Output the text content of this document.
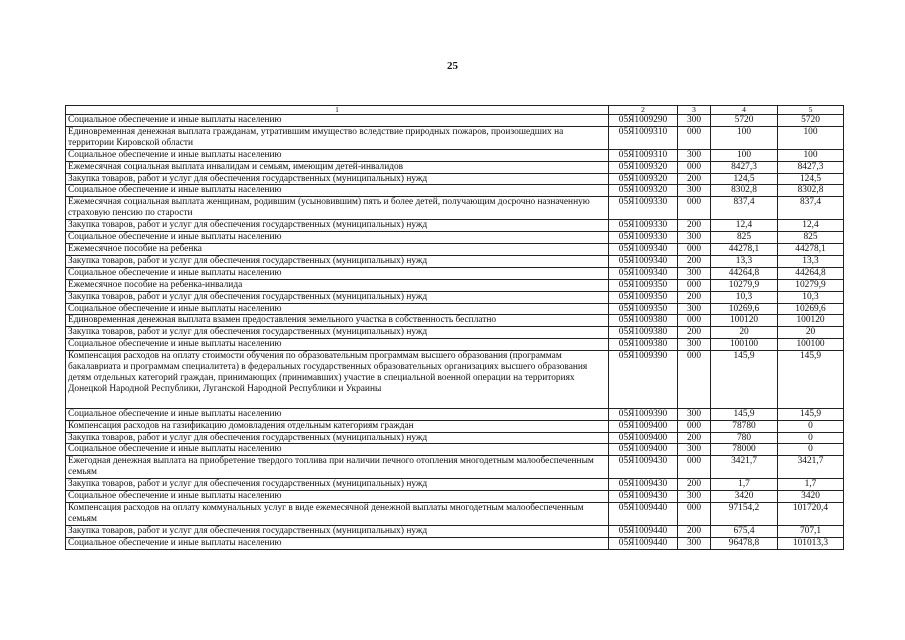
25
1	2	3	4	5
Социальное обеспечение и иные выплаты населению	05Я1009290	300	5720	5720
Единовременная денежная выплата гражданам, утратившим имущество вследствие природных пожаров, произошедших на территории Кировской области	05Я1009310	000	100	100
Социальное обеспечение и иные выплаты населению	05Я1009310	300	100	100
Ежемесячная социальная выплата инвалидам и семьям, имеющим детей-инвалидов	05Я1009320	000	8427,3	8427,3
Закупка товаров, работ и услуг для обеспечения государственных (муниципальных) нужд	05Я1009320	200	124,5	124,5
Социальное обеспечение и иные выплаты населению	05Я1009320	300	8302,8	8302,8
Ежемесячная социальная выплата женщинам, родившим (усыновившим) пять и более детей, получающим досрочно назначенную страховую пенсию по старости	05Я1009330	000	837,4	837,4
Закупка товаров, работ и услуг для обеспечения государственных (муниципальных) нужд	05Я1009330	200	12,4	12,4
Социальное обеспечение и иные выплаты населению	05Я1009330	300	825	825
Ежемесячное пособие на ребенка	05Я1009340	000	44278,1	44278,1
Закупка товаров, работ и услуг для обеспечения государственных (муниципальных) нужд	05Я1009340	200	13,3	13,3
Социальное обеспечение и иные выплаты населению	05Я1009340	300	44264,8	44264,8
Ежемесячное пособие на ребенка-инвалида	05Я1009350	000	10279,9	10279,9
Закупка товаров, работ и услуг для обеспечения государственных (муниципальных) нужд	05Я1009350	200	10,3	10,3
Социальное обеспечение и иные выплаты населению	05Я1009350	300	10269,6	10269,6
Единовременная денежная выплата взамен предоставления земельного участка в собственность бесплатно	05Я1009380	000	100120	100120
Закупка товаров, работ и услуг для обеспечения государственных (муниципальных) нужд	05Я1009380	200	20	20
Социальное обеспечение и иные выплаты населению	05Я1009380	300	100100	100100
Компенсация расходов на оплату стоимости обучения по образовательным программам высшего образования (программам бакалавриата и программам специалитета) в федеральных государственных образовательных организациях высшего образования детям отдельных категорий граждан, принимающих (принимавших) участие в специальной военной операции на территориях Донецкой Народной Республики, Луганской Народной Республики и Украины	05Я1009390	000	145,9	145,9
Социальное обеспечение и иные выплаты населению	05Я1009390	300	145,9	145,9
Компенсация расходов на газификацию домовладения отдельным категориям граждан	05Я1009400	000	78780	0
Закупка товаров, работ и услуг для обеспечения государственных (муниципальных) нужд	05Я1009400	200	780	0
Социальное обеспечение и иные выплаты населению	05Я1009400	300	78000	0
Ежегодная денежная выплата на приобретение твердого топлива при наличии печного отопления многодетным малообеспеченным семьям	05Я1009430	000	3421,7	3421,7
Закупка товаров, работ и услуг для обеспечения государственных (муниципальных) нужд	05Я1009430	200	1,7	1,7
Социальное обеспечение и иные выплаты населению	05Я1009430	300	3420	3420
Компенсация расходов на оплату коммунальных услуг в виде ежемесячной денежной выплаты многодетным малообеспеченным семьям	05Я1009440	000	97154,2	101720,4
Закупка товаров, работ и услуг для обеспечения государственных (муниципальных) нужд	05Я1009440	200	675,4	707,1
Социальное обеспечение и иные выплаты населению	05Я1009440	300	96478,8	101013,3
